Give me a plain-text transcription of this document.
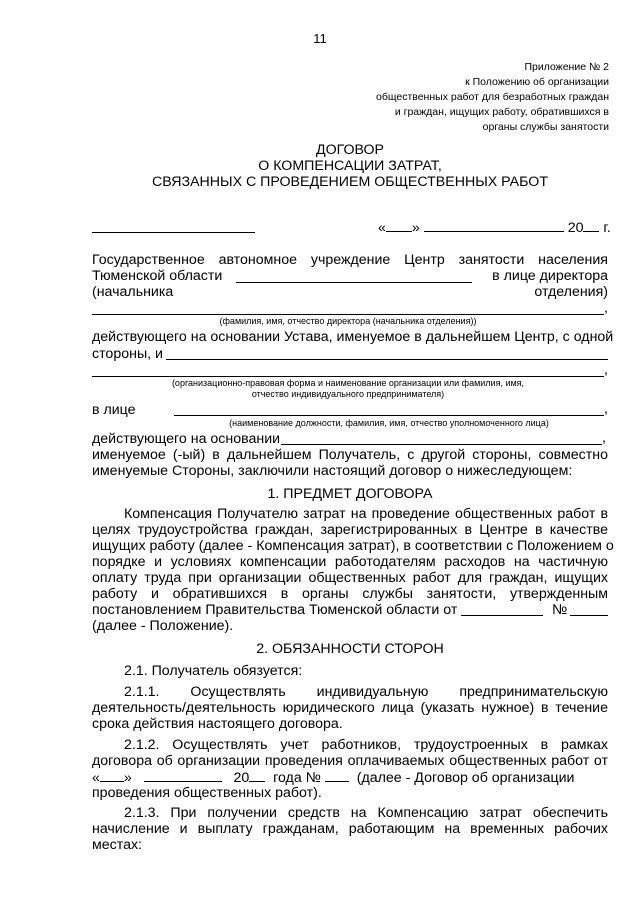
11
Приложение № 2
к Положению об организации
общественных работ для безработных граждан
и граждан, ищущих работу, обратившихся в
органы службы занятости
ДОГОВОР
О КОМПЕНСАЦИИ ЗАТРАТ,
СВЯЗАННЫХ С ПРОВЕДЕНИЕМ ОБЩЕСТВЕННЫХ РАБОТ
« »	20 г.
Государственное автономное учреждение Центр занятости населения
Тюменской области	в лице директора
(начальника	отделения)
,
(фамилия, имя, отчество директора (начальника отделения))
действующего на основании Устава, именуемое в дальнейшем Центр, с одной
стороны, и
,
(организационно-правовая форма и наименование организации или фамилия, имя,
отчество индивидуального предпринимателя)
в лице	,
(наименование должности, фамилия, имя, отчество уполномоченного лица)
действующего на основании	,
именуемое (-ый) в дальнейшем Получатель, с другой стороны, совместно
именуемые Стороны, заключили настоящий договор о нижеследующем:
1. ПРЕДМЕТ ДОГОВОРА
Компенсация Получателю затрат на проведение общественных работ в
целях трудоустройства граждан, зарегистрированных в Центре в качестве
ищущих работу (далее - Компенсация затрат), в соответствии с Положением о
порядке и условиях компенсации работодателям расходов на частичную
оплату труда при организации общественных работ для граждан, ищущих
работу и обратившихся в органы службы занятости, утвержденным
постановлением Правительства Тюменской области от	№
(далее - Положение).
2. ОБЯЗАННОСТИ СТОРОН
2.1. Получатель обязуется:
2.1.1. Осуществлять индивидуальную предпринимательскую
деятельность/деятельность юридического лица (указать нужное) в течение
срока действия настоящего договора.
2.1.2. Осуществлять учет работников, трудоустроенных в рамках
договора об организации проведения оплачиваемых общественных работ от
« »	20 года №	(далее - Договор об организации
проведения общественных работ).
2.1.3. При получении средств на Компенсацию затрат обеспечить
начисление и выплату гражданам, работающим на временных рабочих
местах:
